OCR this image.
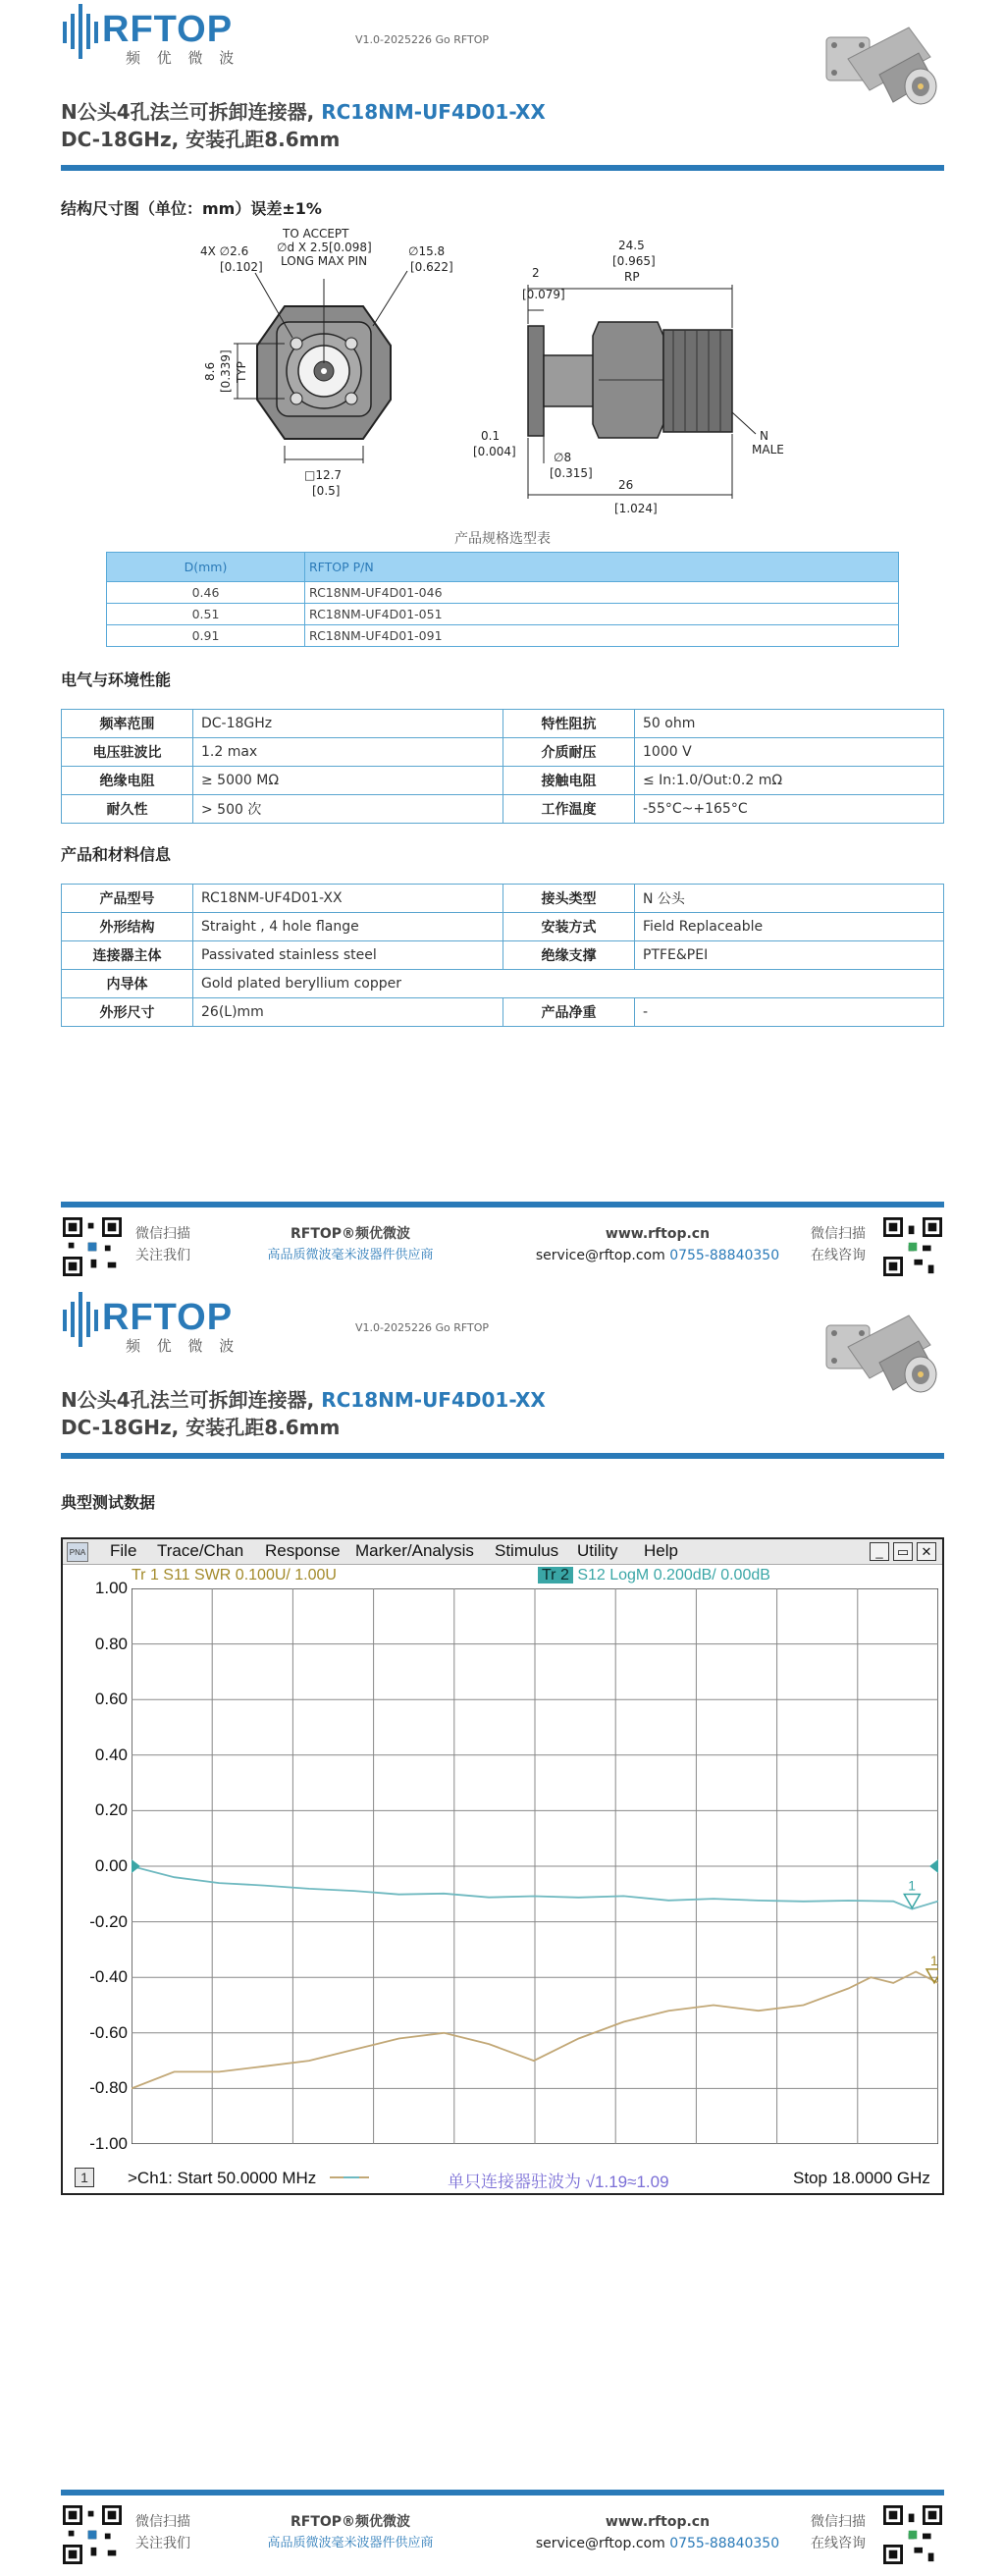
RFTOP
频 优 微 波
V1.0-2025226 Go RFTOP
N公头4孔法兰可拆卸连接器, RC18NM-UF4D01-XX
DC-18GHz, 安装孔距8.6mm
结构尺寸图（单位：mm）误差±1%
4X ∅2.6
[0.102]
TO ACCEPT
∅d X 2.5[0.098]
LONG MAX PIN
∅15.8
[0.622]
8.6 [0.339] TYP
□12.7
[0.5]
24.5
[0.965]
RP
2
[0.079]
N
MALE
0.1
[0.004]	∅8
[0.315]
26
[1.024]
产品规格选型表
D(mm)	RFTOP P/N
0.46	RC18NM-UF4D01-046
0.51	RC18NM-UF4D01-051
0.91	RC18NM-UF4D01-091
电气与环境性能
频率范围	DC-18GHz	特性阻抗	50 ohm
电压驻波比	1.2 max	介质耐压	1000 V
绝缘电阻	≥ 5000 MΩ	接触电阻	≤ In:1.0/Out:0.2 mΩ
耐久性	> 500 次	工作温度	-55°C~+165°C
产品和材料信息
产品型号	RC18NM-UF4D01-XX	接头类型	N 公头
外形结构	Straight , 4 hole flange	安装方式	Field Replaceable
连接器主体	Passivated stainless steel	绝缘支撑	PTFE&PEI
内导体	Gold plated beryllium copper		
外形尺寸	26(L)mm	产品净重	-
微信扫描
关注我们
RFTOP®频优微波
高品质微波毫米波器件供应商
www.rftop.cn
service@rftop.com 0755-88840350
微信扫描
在线咨询
RFTOP
频 优 微 波
V1.0-2025226 Go RFTOP
N公头4孔法兰可拆卸连接器, RC18NM-UF4D01-XX
DC-18GHz, 安装孔距8.6mm
典型测试数据
PNA File Trace/Chan Response Marker/Analysis Stimulus Utility Help	_	▭ ✕
Tr 1 S11 SWR 0.100U/ 1.00U	Tr 2 S12 LogM 0.200dB/ 0.00dB
1.00
0.80
0.60
0.40
0.20
0.00
-0.20
-0.40
-0.60
-0.80
-1.00
1
1
1	>Ch1: Start 50.0000 MHz	单只连接器驻波为 √1.19≈1.09	Stop 18.0000 GHz
微信扫描
关注我们
RFTOP®频优微波
高品质微波毫米波器件供应商
www.rftop.cn
service@rftop.com 0755-88840350
微信扫描
在线咨询
